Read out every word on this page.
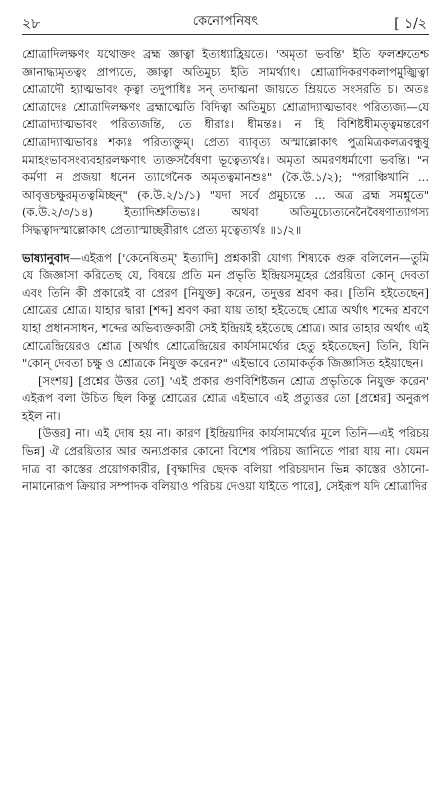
২৮	কেনোপনিষৎ	[ ১/২

শ্রোত্রাদিলক্ষণং যথোক্তং ব্রহ্ম জ্ঞাত্বা ইত্যধ্যাহ্রিয়তে। 'অমৃতা ভবন্তি' ইতি ফলশ্রুতেশ্চ জ্ঞানাদ্ধ্যমৃতত্বং প্রাপ্যতে, জ্ঞাত্বা অতিমুচ্য ইতি সামর্থ্যাৎ। শ্রোত্রাদিকরণকলাপমুজ্ঝিত্বা শ্রোত্রাদৌ হ্যাত্মভাবং কৃত্বা তদুপাধিঃ সন্ তদাত্মনা জায়তে ম্রিয়তে সংসরতি চ। অতঃ শ্রোত্রাদেঃ শ্রোত্রাদিলক্ষণং ব্রহ্মাত্মেতি বিদিত্বা অতিমুচ্য শ্রোত্রাদ্যাত্মভাবং পরিত্যজ্য—যে শ্রোত্রাদ্যাত্মভাবং পরিত্যজন্তি, তে ধীরাঃ। ধীমন্তঃ। ন হি বিশিষ্টধীমত্ত্বমন্তরেণ শ্রোত্রাদ্যাত্মভাবঃ শক্যঃ পরিত্যক্তুম্। প্রেত্য ব্যাবৃত্য অস্মাল্লোকাৎ পুত্রমিত্রকলত্রবন্ধুষু মমাহংভাবসংব্যবহারলক্ষণাৎ ত্যক্তসর্বৈষণা ভূত্বেত্যর্থঃ। অমৃতা অমরণধর্মাণো ভবন্তি। "ন কর্মণা ন প্রজয়া ধনেন ত্যাগেনৈক অমৃতত্বমানশুঃ" (কৈ.উ.১/২); "পরাঞ্চিখানি ... আবৃত্তচক্ষুরমৃতত্বমিচ্ছন্" (ক.উ.২/১/১) "যদা সর্বে প্রমুচ্যন্তে ... অত্র ব্রহ্ম সমশ্নুতে" (ক.উ.২/৩/১৪) ইত্যাদিশ্রুতিভ্যঃ। অথবা অতিমুচ্যেত্যনেনৈবৈষণাত্যাগস্য সিদ্ধত্বাদস্মাল্লোকাৎ প্রেত্যাস্মাচ্ছরীরাৎ প্রেত্য মৃত্বেত্যর্থঃ ॥১/২॥

ভাষ্যানুবাদ—এইরূপ ['কেনেষিতম্' ইত্যাদি] প্রশ্নকারী যোগ্য শিষ্যকে গুরু বলিলেন—তুমি যে জিজ্ঞাসা করিতেছ যে, বিষয়ে প্রতি মন প্রভৃতি ইন্দ্রিয়সমূহের প্রেরয়িতা কোন্ দেবতা এবং তিনি কী প্রকারেই বা প্রেরণ [নিযুক্ত] করেন, তদুত্তর শ্রবণ কর। [তিনি হইতেছেন] শ্রোত্রের শ্রোত্র। যাহার দ্বারা [শব্দ] শ্রবণ করা যায় তাহা হইতেছে শ্রোত্র অর্থাৎ শব্দের শ্রবণে যাহা প্রধানসাধন, শব্দের অভিব্যক্তকারী সেই ইন্দ্রিয়ই হইতেছে শ্রোত্র। আর তাহার অর্থাৎ এই শ্রোত্রেন্দ্রিয়েরও শ্রোত্র [অর্থাৎ শ্রোত্রেন্দ্রিয়ের কার্যসামর্থ্যের হেতু হইতেছেন] তিনি, যিনি "কোন্ দেবতা চক্ষু ও শ্রোত্রকে নিযুক্ত করেন?" এইভাবে তোমাকর্তৃক জিজ্ঞাসিত হইয়াছেন।

[সংশয়] [প্রশ্নের উত্তর তো] 'এই প্রকার গুণবিশিষ্টজন শ্রোত্র প্রভৃতিকে নিযুক্ত করেন' এইরূপ বলা উচিত ছিল কিন্তু শ্রোত্রের শ্রোত্র এইভাবে এই প্রত্যুত্তর তো [প্রশ্নের] অনুরূপ হইল না।

[উত্তর] না। এই দোষ হয় না। কারণ [ইন্দ্রিয়াদির কার্যসামর্থ্যের মূলে তিনি—এই পরিচয় ভিন্ন] ঐ প্রেরয়িতার আর অন্যপ্রকার কোনো বিশেষ পরিচয় জানিতে পারা যায় না। যেমন দাত্র বা কাস্তের প্রয়োগকারীর, [বৃক্ষাদির ছেদক বলিয়া পরিচয়দান ভিন্ন কাস্তের ওঠানো-নামানোরূপ ক্রিয়ার সম্পাদক বলিয়াও পরিচয় দেওয়া যাইতে পারে], সেইরূপ যদি শ্রোত্রাদির
